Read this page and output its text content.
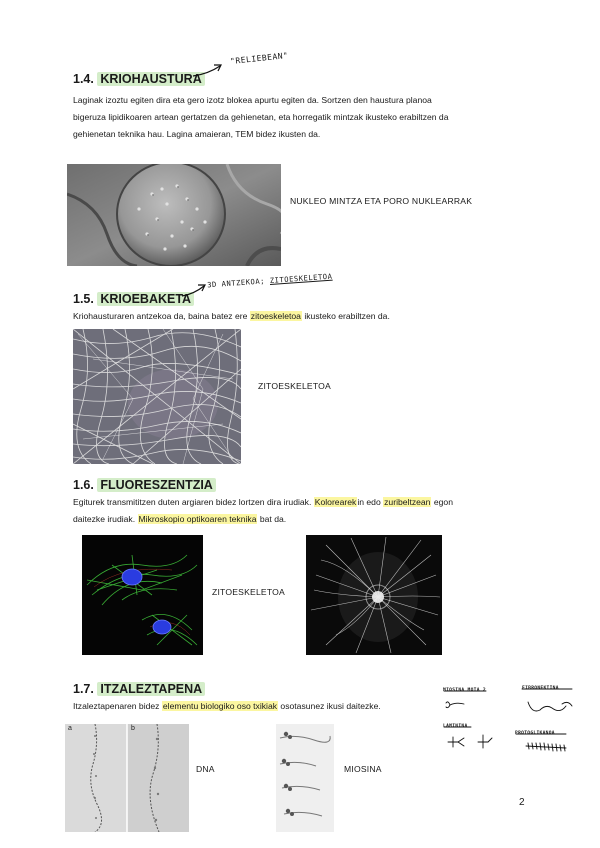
1.4. KRIOHAUSTURA
"RELIEBEAN"
Laginak izoztu egiten dira eta gero izotz blokea apurtu egiten da. Sortzen den haustura planoa
bigeruza lipidikoaren artean gertatzen da gehienetan, eta horregatik mintzak ikusteko erabiltzen da
gehienetan teknika hau. Lagina amaieran, TEM bidez ikusten da.
NUKLEO MINTZA ETA PORO NUKLEARRAK
1.5. KRIOEBAKETA
3D ANTZEKOA; ZITOESKELETOA
Kriohausturaren antzekoa da, baina batez ere zitoeskeletoa ikusteko erabiltzen da.
ZITOESKELETOA
1.6. FLUORESZENTZIA
Egiturek transmititzen duten argiaren bidez lortzen dira irudiak. Kolorearekin edo zuribeltzean egon
daitezke irudiak. Mikroskopio optikoaren teknika bat da.
ZITOESKELETOA
1.7. ITZALEZTAPENA
Itzaleztapenaren bidez elementu biologiko oso txikiak osotasunez ikusi daitezke.
MIOSINA MOTA 2	FIBRONEKTINA
LAMININA
PROTOGLIKANOA
a	b
DNA	MIOSINA
2
